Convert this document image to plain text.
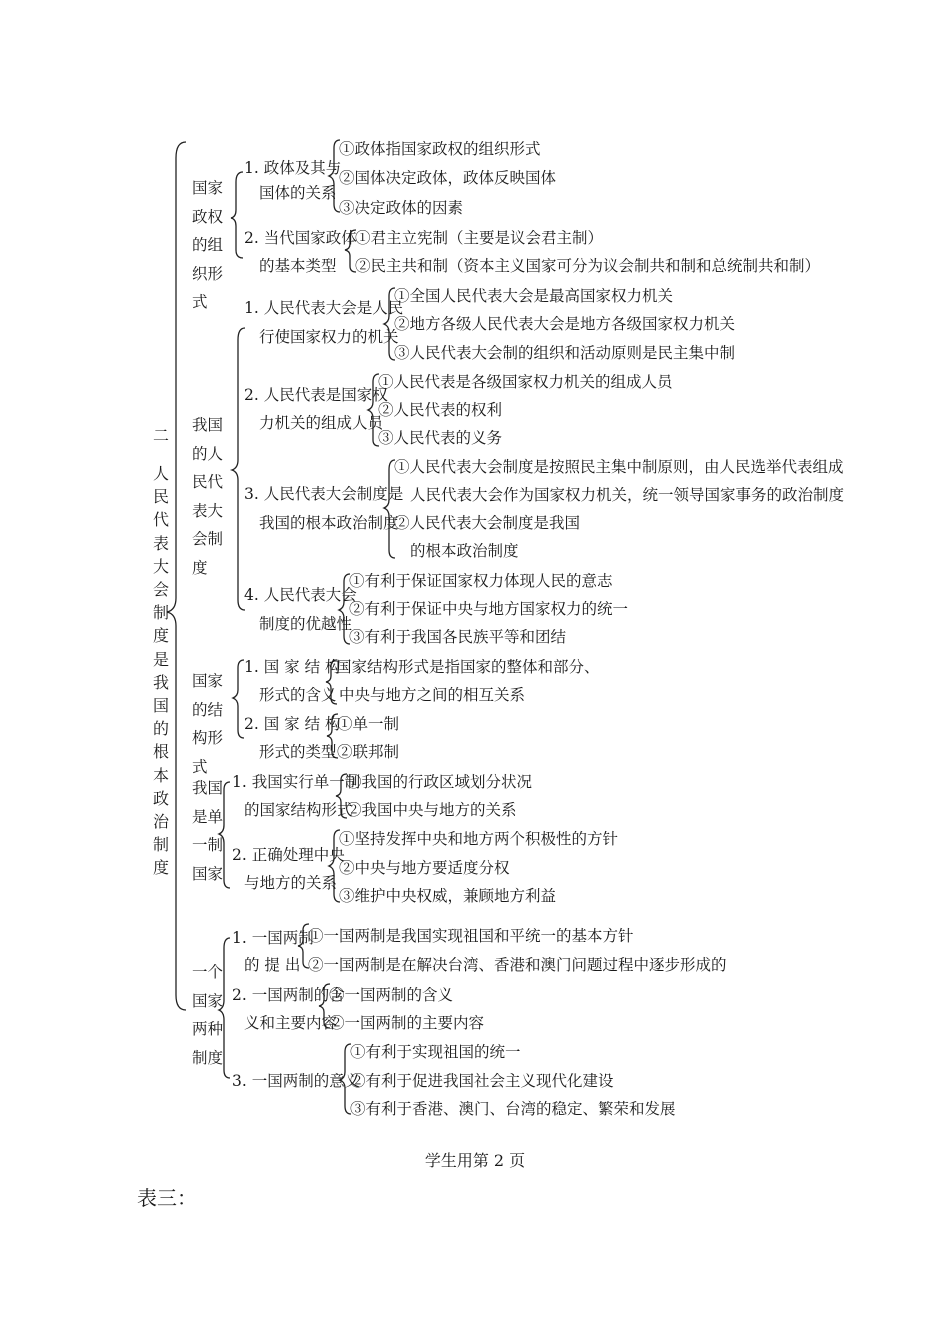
二
人民代表大会制度是我国的根本政治制度
国家政权的组织形式
我国的人民代表大会制度
国家的结构形式
我国是单一制国家
一个国家两种制度
1. 政体及其与
国体的关系
①政体指国家政权的组织形式
②国体决定政体，政体反映国体
③决定政体的因素
2. 当代国家政体
的基本类型
①君主立宪制（主要是议会君主制）
②民主共和制（资本主义国家可分为议会制共和制和总统制共和制）
1. 人民代表大会是人民
行使国家权力的机关
①全国人民代表大会是最高国家权力机关
②地方各级人民代表大会是地方各级国家权力机关
③人民代表大会制的组织和活动原则是民主集中制
2. 人民代表是国家权
力机关的组成人员
①人民代表是各级国家权力机关的组成人员
②人民代表的权利
③人民代表的义务
3. 人民代表大会制度是
我国的根本政治制度
①人民代表大会制度是按照民主集中制原则，由人民选举代表组成
人民代表大会作为国家权力机关，统一领导国家事务的政治制度
②人民代表大会制度是我国
的根本政治制度
4. 人民代表大会
制度的优越性
①有利于保证国家权力体现人民的意志
②有利于保证中央与地方国家权力的统一
③有利于我国各民族平等和团结
1. 国 家 结 构
形式的含义
国家结构形式是指国家的整体和部分、
中央与地方之间的相互关系
2. 国 家 结 构
形式的类型
①单一制
②联邦制
1. 我国实行单一制
的国家结构形式
①我国的行政区域划分状况
②我国中央与地方的关系
2. 正确处理中央
与地方的关系
①坚持发挥中央和地方两个积极性的方针
②中央与地方要适度分权
③维护中央权威，兼顾地方利益
1. 一国两制
的 提 出
①一国两制是我国实现祖国和平统一的基本方针
②一国两制是在解决台湾、香港和澳门问题过程中逐步形成的
2. 一国两制的含
义和主要内容
①一国两制的含义
②一国两制的主要内容
3. 一国两制的意义
①有利于实现祖国的统一
②有利于促进我国社会主义现代化建设
③有利于香港、澳门、台湾的稳定、繁荣和发展
学生用第 2 页
表三：
